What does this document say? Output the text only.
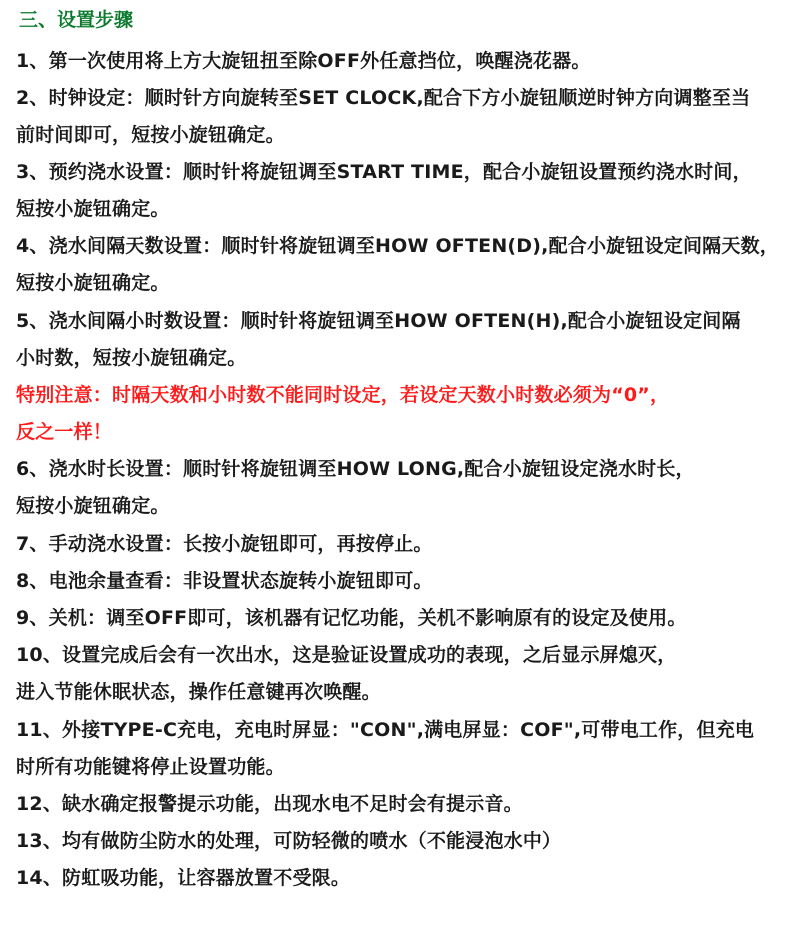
三、设置步骤
1、第一次使用将上方大旋钮扭至除OFF外任意挡位，唤醒浇花器。
2、时钟设定：顺时针方向旋转至SET CLOCK,配合下方小旋钮顺逆时钟方向调整至当
前时间即可，短按小旋钮确定。
3、预约浇水设置：顺时针将旋钮调至START TIME，配合小旋钮设置预约浇水时间，
短按小旋钮确定。
4、浇水间隔天数设置：顺时针将旋钮调至HOW OFTEN(D),配合小旋钮设定间隔天数，
短按小旋钮确定。
5、浇水间隔小时数设置：顺时针将旋钮调至HOW OFTEN(H),配合小旋钮设定间隔
小时数，短按小旋钮确定。
特别注意：时隔天数和小时数不能同时设定，若设定天数小时数必须为“0”，
反之一样！
6、浇水时长设置：顺时针将旋钮调至HOW LONG,配合小旋钮设定浇水时长，
短按小旋钮确定。
7、手动浇水设置：长按小旋钮即可，再按停止。
8、电池余量查看：非设置状态旋转小旋钮即可。
9、关机：调至OFF即可，该机器有记忆功能，关机不影响原有的设定及使用。
10、设置完成后会有一次出水，这是验证设置成功的表现，之后显示屏熄灭，
进入节能休眠状态，操作任意键再次唤醒。
11、外接TYPE-C充电，充电时屏显："CON",满电屏显：COF",可带电工作，但充电
时所有功能键将停止设置功能。
12、缺水确定报警提示功能，出现水电不足时会有提示音。
13、均有做防尘防水的处理，可防轻微的喷水（不能浸泡水中）
14、防虹吸功能，让容器放置不受限。
